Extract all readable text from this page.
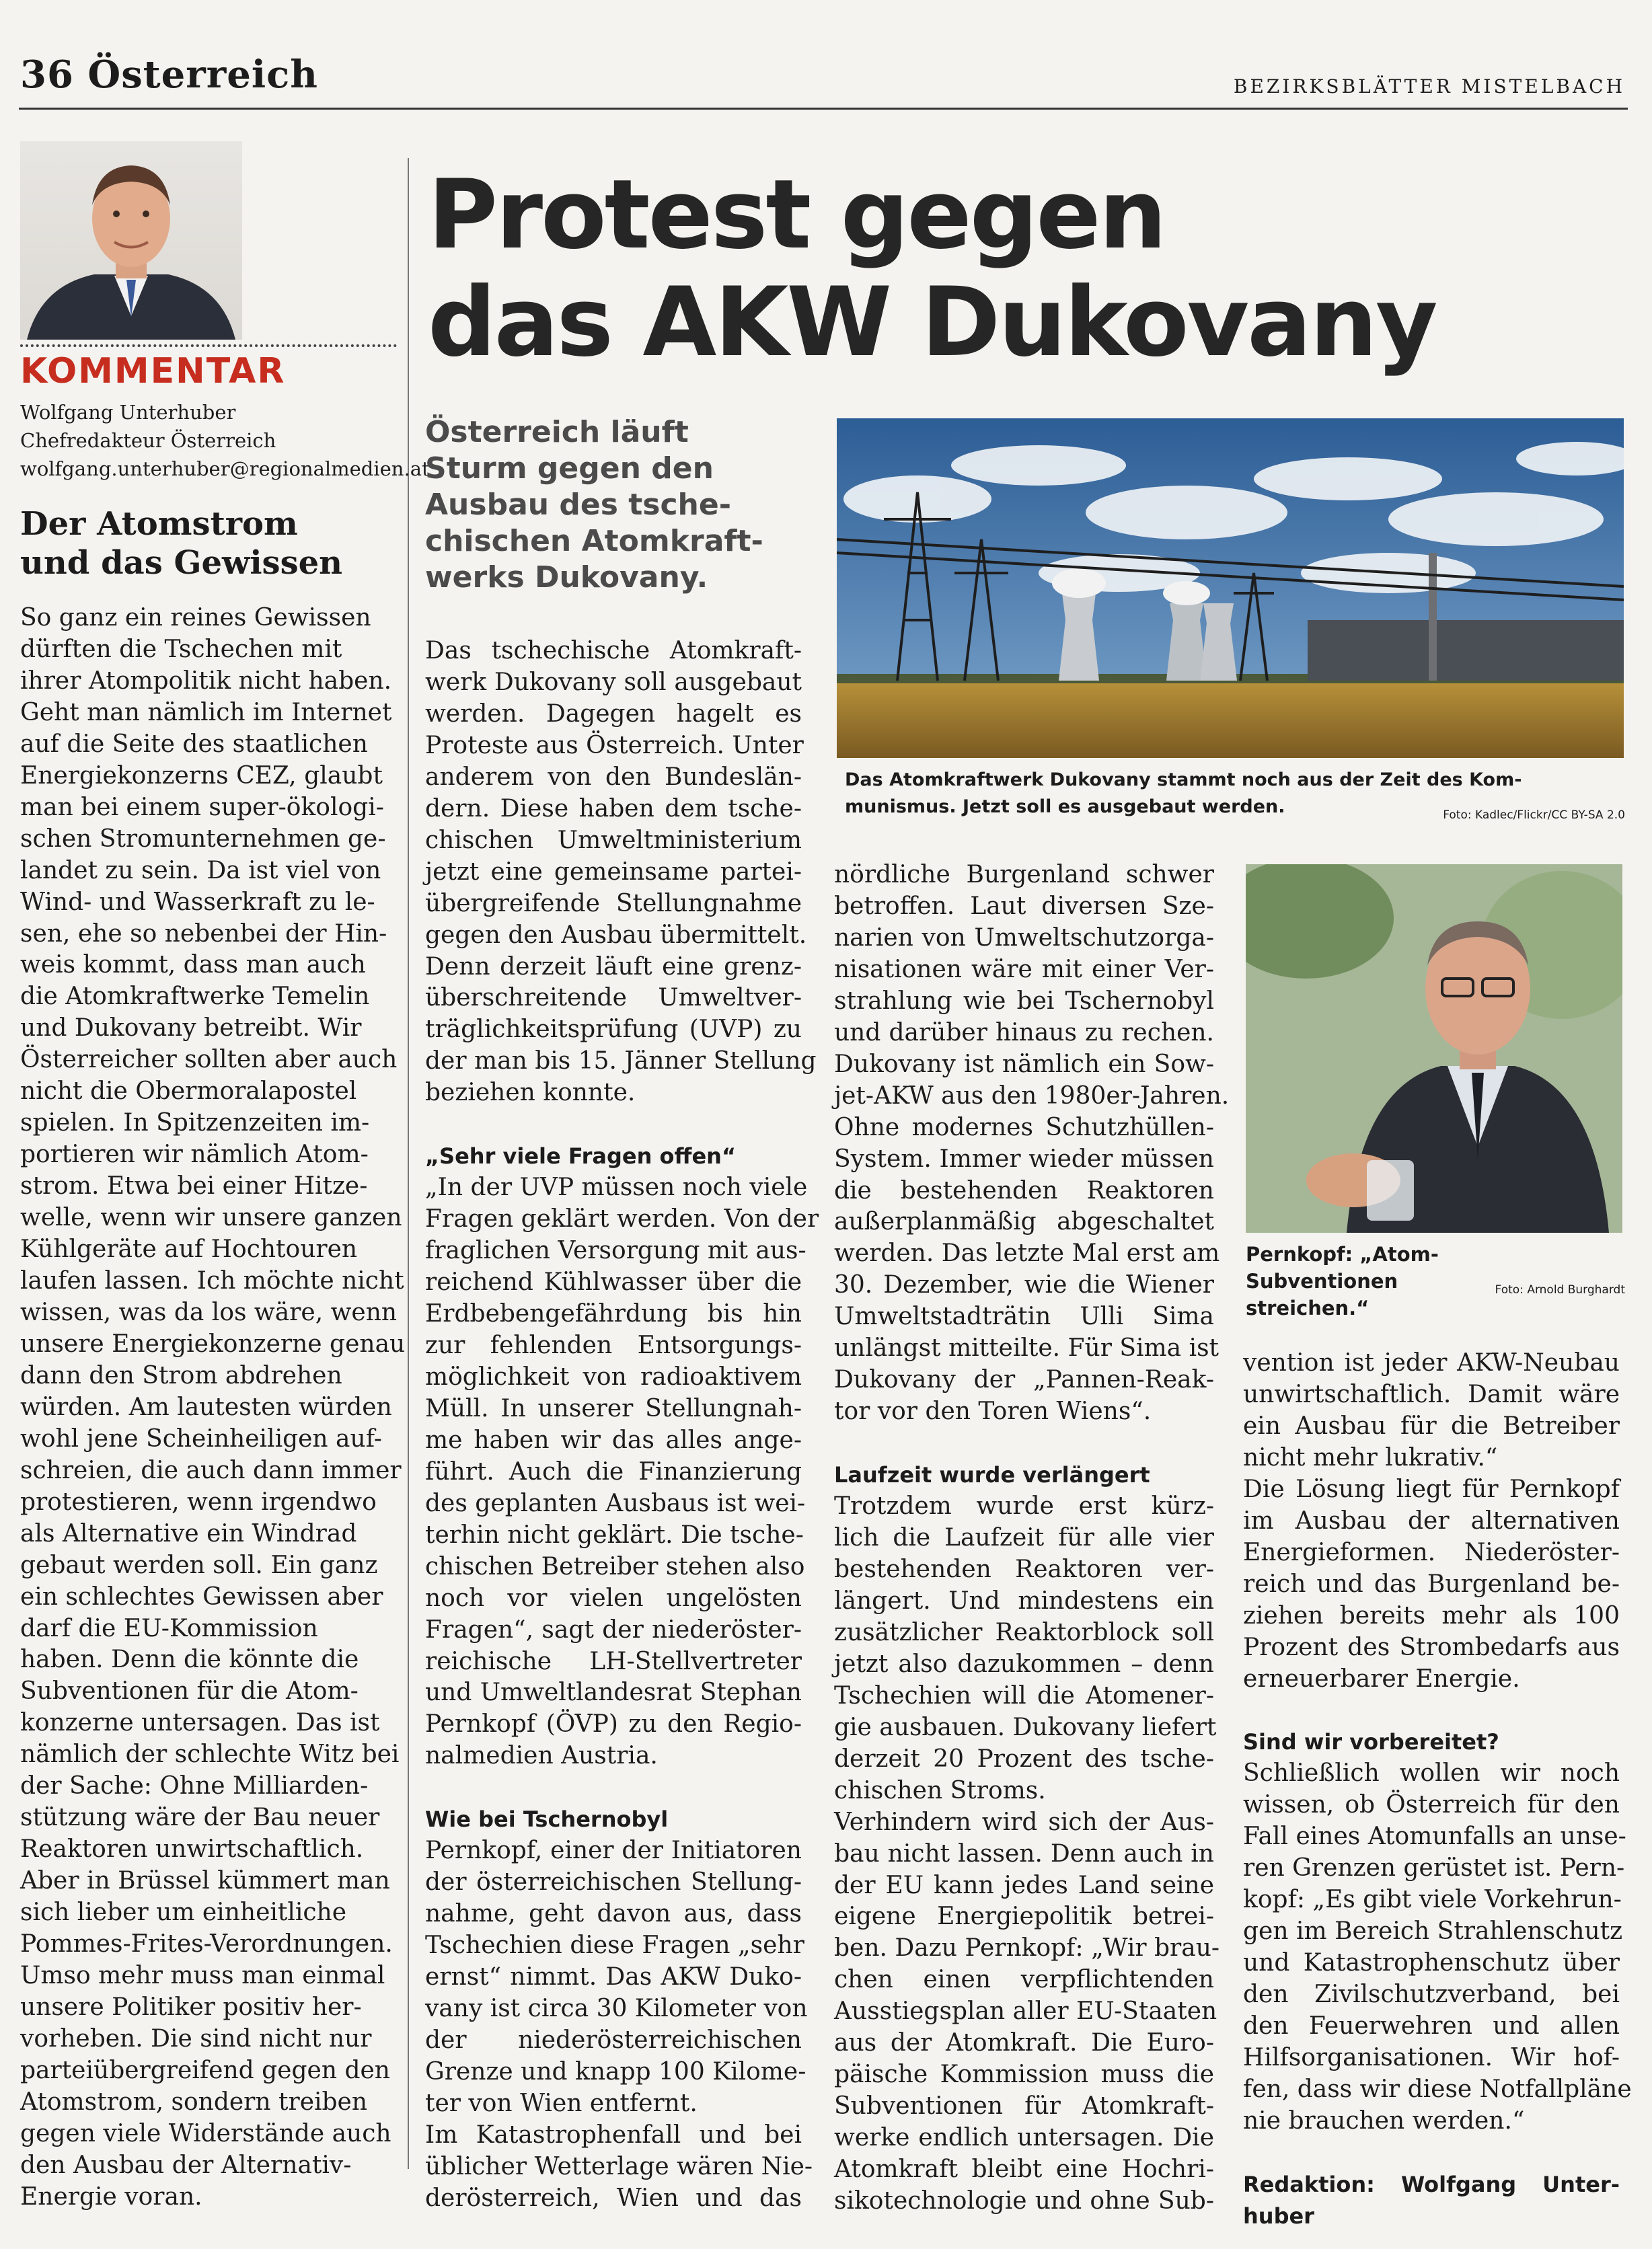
36 Österreich	BEZIRKSBLÄTTER MISTELBACH
KOMMENTAR
Wolfgang Unterhuber
Chefredakteur Österreich
wolfgang.unterhuber@regionalmedien.at
Der Atomstrom
und das Gewissen

So ganz ein reines Gewissen

dürften die Tschechen mit

ihrer Atompolitik nicht haben.

Geht man nämlich im Internet

auf die Seite des staatlichen

Energiekonzerns CEZ, glaubt

man bei einem super-ökologi-

schen Stromunternehmen ge-

landet zu sein. Da ist viel von

Wind- und Wasserkraft zu le-

sen, ehe so nebenbei der Hin-

weis kommt, dass man auch

die Atomkraftwerke Temelin

und Dukovany betreibt. Wir

Österreicher sollten aber auch

nicht die Obermoralapostel

spielen. In Spitzenzeiten im-

portieren wir nämlich Atom-

strom. Etwa bei einer Hitze-

welle, wenn wir unsere ganzen

Kühlgeräte auf Hochtouren

laufen lassen. Ich möchte nicht

wissen, was da los wäre, wenn

unsere Energiekonzerne genau

dann den Strom abdrehen

würden. Am lautesten würden

wohl jene Scheinheiligen auf-

schreien, die auch dann immer

protestieren, wenn irgendwo

als Alternative ein Windrad

gebaut werden soll. Ein ganz

ein schlechtes Gewissen aber

darf die EU-Kommission

haben. Denn die könnte die

Subventionen für die Atom-

konzerne untersagen. Das ist

nämlich der schlechte Witz bei

der Sache: Ohne Milliarden-

stützung wäre der Bau neuer

Reaktoren unwirtschaftlich.

Aber in Brüssel kümmert man

sich lieber um einheitliche

Pommes-Frites-Verordnungen.

Umso mehr muss man einmal

unsere Politiker positiv her-

vorheben. Die sind nicht nur

parteiübergreifend gegen den

Atomstrom, sondern treiben

gegen viele Widerstände auch

den Ausbau der Alternativ-

Energie voran.

Protest gegen
das AKW Dukovany
Österreich läuft
Sturm gegen den
Ausbau des tsche-
chischen Atomkraft-
werks Dukovany.
Das Atomkraftwerk Dukovany stammt noch aus der Zeit des Kom-
munismus. Jetzt soll es ausgebaut werden.	Foto: Kadlec/Flickr/CC BY-SA 2.0
Pernkopf: „Atom-Subventionen
streichen.“
Foto: Arnold Burghardt

Das tschechische Atomkraft-

werk Dukovany soll ausgebaut

werden. Dagegen hagelt es

Proteste aus Österreich. Unter

anderem von den Bundeslän-

dern. Diese haben dem tsche-

chischen Umweltministerium

jetzt eine gemeinsame partei-

übergreifende Stellungnahme

gegen den Ausbau übermittelt.

Denn derzeit läuft eine grenz-

überschreitende Umweltver-

träglichkeitsprüfung (UVP) zu

der man bis 15. Jänner Stellung

beziehen konnte.

„Sehr viele Fragen offen“

„In der UVP müssen noch viele

Fragen geklärt werden. Von der

fraglichen Versorgung mit aus-

reichend Kühlwasser über die

Erdbebengefährdung bis hin

zur fehlenden Entsorgungs-

möglichkeit von radioaktivem

Müll. In unserer Stellungnah-

me haben wir das alles ange-

führt. Auch die Finanzierung

des geplanten Ausbaus ist wei-

terhin nicht geklärt. Die tsche-

chischen Betreiber stehen also

noch vor vielen ungelösten

Fragen“, sagt der niederöster-

reichische LH-Stellvertreter

und Umweltlandesrat Stephan

Pernkopf (ÖVP) zu den Regio-

nalmedien Austria.

Wie bei Tschernobyl

Pernkopf, einer der Initiatoren

der österreichischen Stellung-

nahme, geht davon aus, dass

Tschechien diese Fragen „sehr

ernst“ nimmt. Das AKW Duko-

vany ist circa 30 Kilometer von

der niederösterreichischen

Grenze und knapp 100 Kilome-

ter von Wien entfernt.

Im Katastrophenfall und bei

üblicher Wetterlage wären Nie-

derösterreich, Wien und das

nördliche Burgenland schwer

betroffen. Laut diversen Sze-

narien von Umweltschutzorga-

nisationen wäre mit einer Ver-

strahlung wie bei Tschernobyl

und darüber hinaus zu rechen.

Dukovany ist nämlich ein Sow-

jet-AKW aus den 1980er-Jahren.

Ohne modernes Schutzhüllen-

System. Immer wieder müssen

die bestehenden Reaktoren

außerplanmäßig abgeschaltet

werden. Das letzte Mal erst am

30. Dezember, wie die Wiener

Umweltstadträtin Ulli Sima

unlängst mitteilte. Für Sima ist

Dukovany der „Pannen-Reak-

tor vor den Toren Wiens“.

Laufzeit wurde verlängert

Trotzdem wurde erst kürz-

lich die Laufzeit für alle vier

bestehenden Reaktoren ver-

längert. Und mindestens ein

zusätzlicher Reaktorblock soll

jetzt also dazukommen – denn

Tschechien will die Atomener-

gie ausbauen. Dukovany liefert

derzeit 20 Prozent des tsche-

chischen Stroms.

Verhindern wird sich der Aus-

bau nicht lassen. Denn auch in

der EU kann jedes Land seine

eigene Energiepolitik betrei-

ben. Dazu Pernkopf: „Wir brau-

chen einen verpflichtenden

Ausstiegsplan aller EU-Staaten

aus der Atomkraft. Die Euro-

päische Kommission muss die

Subventionen für Atomkraft-

werke endlich untersagen. Die

Atomkraft bleibt eine Hochri-

sikotechnologie und ohne Sub-

vention ist jeder AKW-Neubau

unwirtschaftlich. Damit wäre

ein Ausbau für die Betreiber

nicht mehr lukrativ.“

Die Lösung liegt für Pernkopf

im Ausbau der alternativen

Energieformen. Niederöster-

reich und das Burgenland be-

ziehen bereits mehr als 100

Prozent des Strombedarfs aus

erneuerbarer Energie.

Sind wir vorbereitet?

Schließlich wollen wir noch

wissen, ob Österreich für den

Fall eines Atomunfalls an unse-

ren Grenzen gerüstet ist. Pern-

kopf: „Es gibt viele Vorkehrun-

gen im Bereich Strahlenschutz

und Katastrophenschutz über

den Zivilschutzverband, bei

den Feuerwehren und allen

Hilfsorganisationen. Wir hof-

fen, dass wir diese Notfallpläne

nie brauchen werden.“

Redaktion: Wolfgang Unter-

huber
